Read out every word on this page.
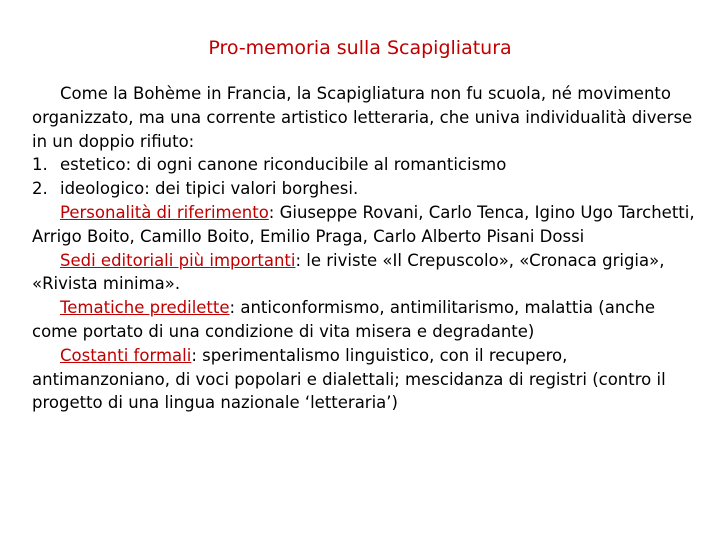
Pro-memoria sulla Scapigliatura

Come la Bohème in Francia, la Scapigliatura non fu scuola, né movimento organizzato, ma una corrente artistico letteraria, che univa individualità diverse in un doppio rifiuto:

1. estetico: di ogni canone riconducibile al romanticismo
2. ideologico: dei tipici valori borghesi.

Personalità di riferimento: Giuseppe Rovani, Carlo Tenca, Igino Ugo Tarchetti, Arrigo Boito, Camillo Boito, Emilio Praga, Carlo Alberto Pisani Dossi

Sedi editoriali più importanti: le riviste «Il Crepuscolo», «Cronaca grigia», «Rivista minima».

Tematiche predilette: anticonformismo, antimilitarismo, malattia (anche come portato di una condizione di vita misera e degradante)

Costanti formali: sperimentalismo linguistico, con il recupero, antimanzoniano, di voci popolari e dialettali; mescidanza di registri (contro il progetto di una lingua nazionale ‘letteraria’)
